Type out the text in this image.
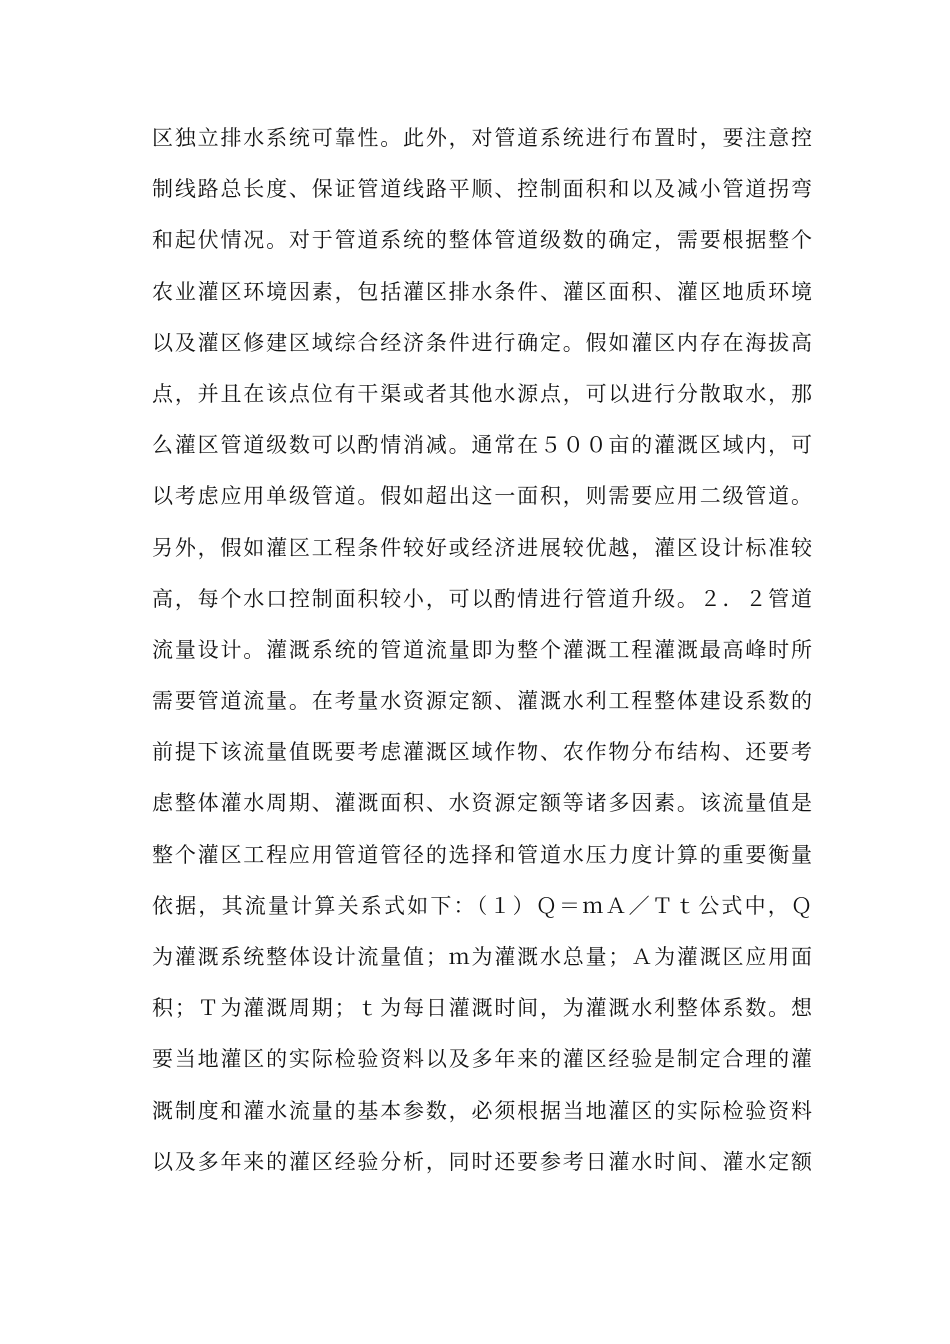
区独立排水系统可靠性。此外，对管道系统进行布置时，要注意控
制线路总长度、保证管道线路平顺、控制面积和以及减小管道拐弯
和起伏情况。对于管道系统的整体管道级数的确定，需要根据整个
农业灌区环境因素，包括灌区排水条件、灌区面积、灌区地质环境
以及灌区修建区域综合经济条件进行确定。假如灌区内存在海拔高
点，并且在该点位有干渠或者其他水源点，可以进行分散取水，那
么灌区管道级数可以酌情消减。通常在５００亩的灌溉区域内，可
以考虑应用单级管道。假如超出这一面积，则需要应用二级管道。
另外，假如灌区工程条件较好或经济进展较优越，灌区设计标准较
高，每个水口控制面积较小，可以酌情进行管道升级。２．２管道
流量设计。灌溉系统的管道流量即为整个灌溉工程灌溉最高峰时所
需要管道流量。在考量水资源定额、灌溉水利工程整体建设系数的
前提下该流量值既要考虑灌溉区域作物、农作物分布结构、还要考
虑整体灌水周期、灌溉面积、水资源定额等诸多因素。该流量值是
整个灌区工程应用管道管径的选择和管道水压力度计算的重要衡量
依据，其流量计算关系式如下：（１）Ｑ＝ｍＡ／Ｔｔ公式中，Ｑ
为灌溉系统整体设计流量值；ｍ为灌溉水总量；Ａ为灌溉区应用面
积；Ｔ为灌溉周期；ｔ为每日灌溉时间，为灌溉水利整体系数。想
要当地灌区的实际检验资料以及多年来的灌区经验是制定合理的灌
溉制度和灌水流量的基本参数，必须根据当地灌区的实际检验资料
以及多年来的灌区经验分析，同时还要参考日灌水时间、灌水定额
